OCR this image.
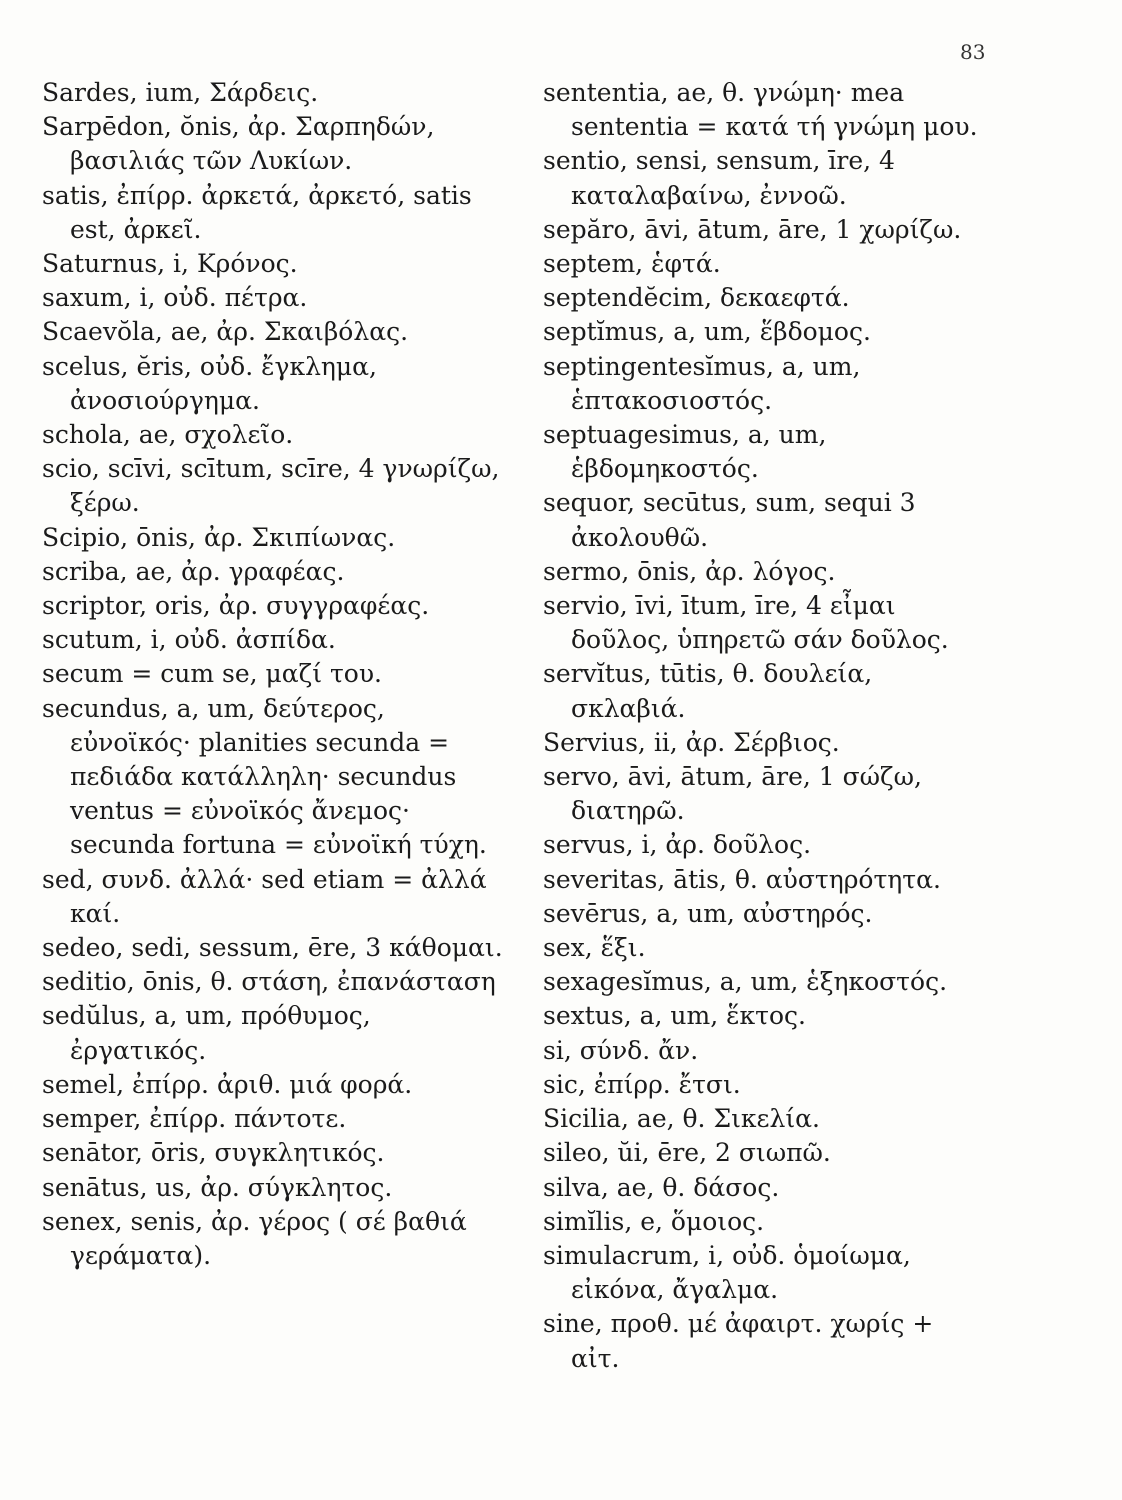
83

Sardes, ium, Σάρδεις.

Sarpēdon, ŏnis, ἀρ. Σαρπηδών, βασιλιάς τῶν Λυκίων.

satis, ἐπίρρ. ἀρκετά, ἀρκετό, satis est, ἀρκεῖ.

Saturnus, i, Κρόνος.

saxum, i, οὐδ. πέτρα.

Scaevŏla, ae, ἀρ. Σκαιβόλας.

scelus, ĕris, οὐδ. ἔγκλημα, ἀνοσιούργημα.

schola, ae, σχολεῖο.

scio, scīvi, scītum, scīre, 4 γνωρίζω, ξέρω.

Scipio, ōnis, ἀρ. Σκιπίωνας.

scriba, ae, ἀρ. γραφέας.

scriptor, oris, ἀρ. συγγραφέας.

scutum, i, οὐδ. ἀσπίδα.

secum = cum se, μαζί του.

secundus, a, um, δεύτερος, εὐνοϊκός· planities secunda = πεδιάδα κατάλληλη· secundus ventus = εὐνοϊκός ἄνεμος· secunda fortuna = εὐνοϊκή τύχη.

sed, συνδ. ἀλλά· sed etiam = ἀλλά καί.

sedeo, sedi, sessum, ēre, 3 κάθομαι.

seditio, ōnis, θ. στάση, ἐπανάσταση

sedŭlus, a, um, πρόθυμος, ἐργατικός.

semel, ἐπίρρ. ἀριθ. μιά φορά.

semper, ἐπίρρ. πάντοτε.

senātor, ōris, συγκλητικός.

senātus, us, ἀρ. σύγκλητος.

senex, senis, ἀρ. γέρος ( σέ βαθιά γεράματα).

sententia, ae, θ. γνώμη· mea sententia = κατά τή γνώμη μου.

sentio, sensi, sensum, īre, 4 καταλαβαίνω, ἐννοῶ.

sepăro, āvi, ātum, āre, 1 χωρίζω.

septem, ἑφτά.

septendĕcim, δεκαεφτά.

septĭmus, a, um, ἕβδομος.

septingentesĭmus, a, um, ἑπτακοσιοστός.

septuagesimus, a, um, ἑβδομηκοστός.

sequor, secūtus, sum, sequi 3 ἀκολουθῶ.

sermo, ōnis, ἀρ. λόγος.

servio, īvi, ītum, īre, 4 εἶμαι δοῦλος, ὑπηρετῶ σάν δοῦλος.

servĭtus, tūtis, θ. δουλεία, σκλαβιά.

Servius, ii, ἀρ. Σέρβιος.

servo, āvi, ātum, āre, 1 σώζω, διατηρῶ.

servus, i, ἀρ. δοῦλος.

severitas, ātis, θ. αὐστηρότητα.

sevērus, a, um, αὐστηρός.

sex, ἕξι.

sexagesĭmus, a, um, ἑξηκοστός.

sextus, a, um, ἕκτος.

si, σύνδ. ἄν.

sic, ἐπίρρ. ἔτσι.

Sicilia, ae, θ. Σικελία.

sileo, ŭi, ēre, 2 σιωπῶ.

silva, ae, θ. δάσος.

simĭlis, e, ὅμοιος.

simulacrum, i, οὐδ. ὁμοίωμα, εἰκόνα, ἄγαλμα.

sine, προθ. μέ ἀφαιρτ. χωρίς + αἰτ.
